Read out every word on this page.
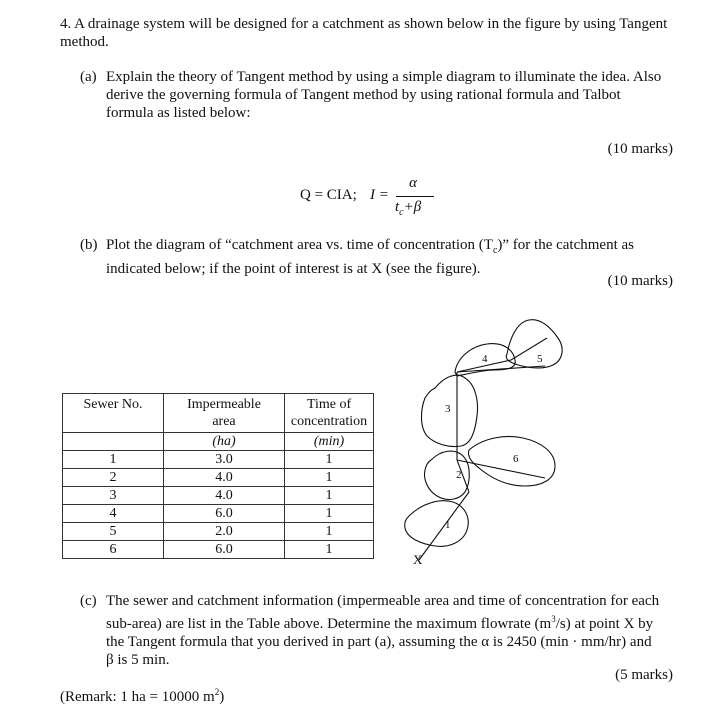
4. A drainage system will be designed for a catchment as shown below in the figure by using Tangent method.
(a) Explain the theory of Tangent method by using a simple diagram to illuminate the idea. Also
derive the governing formula of Tangent method by using rational formula and Talbot
formula as listed below:
(10 marks)
Q = CIA; I =
α
$t_c+\beta$
(b) Plot the diagram of “catchment area vs. time of concentration $(T_c)$” for the catchment as
indicated below; if the point of interest is at X (see the figure).
(10 marks)
Sewer No.	Impermeable
area	Time of
concentration
	(ha)	(min)
1	3.0	1
2	4.0	1
3	4.0	1
4	6.0	1
5	2.0	1
6	6.0	1
1
2
3
4	5
6
X
(c) The sewer and catchment information (impermeable area and time of concentration for each
sub-area) are list in the Table above. Determine the maximum flowrate $(m^3/s)$ at point X by
the Tangent formula that you derived in part (a), assuming the α is 2450 (min · mm/hr) and
β is 5 min.
(5 marks)
(Remark: 1 ha = 10000 $m^2$)
